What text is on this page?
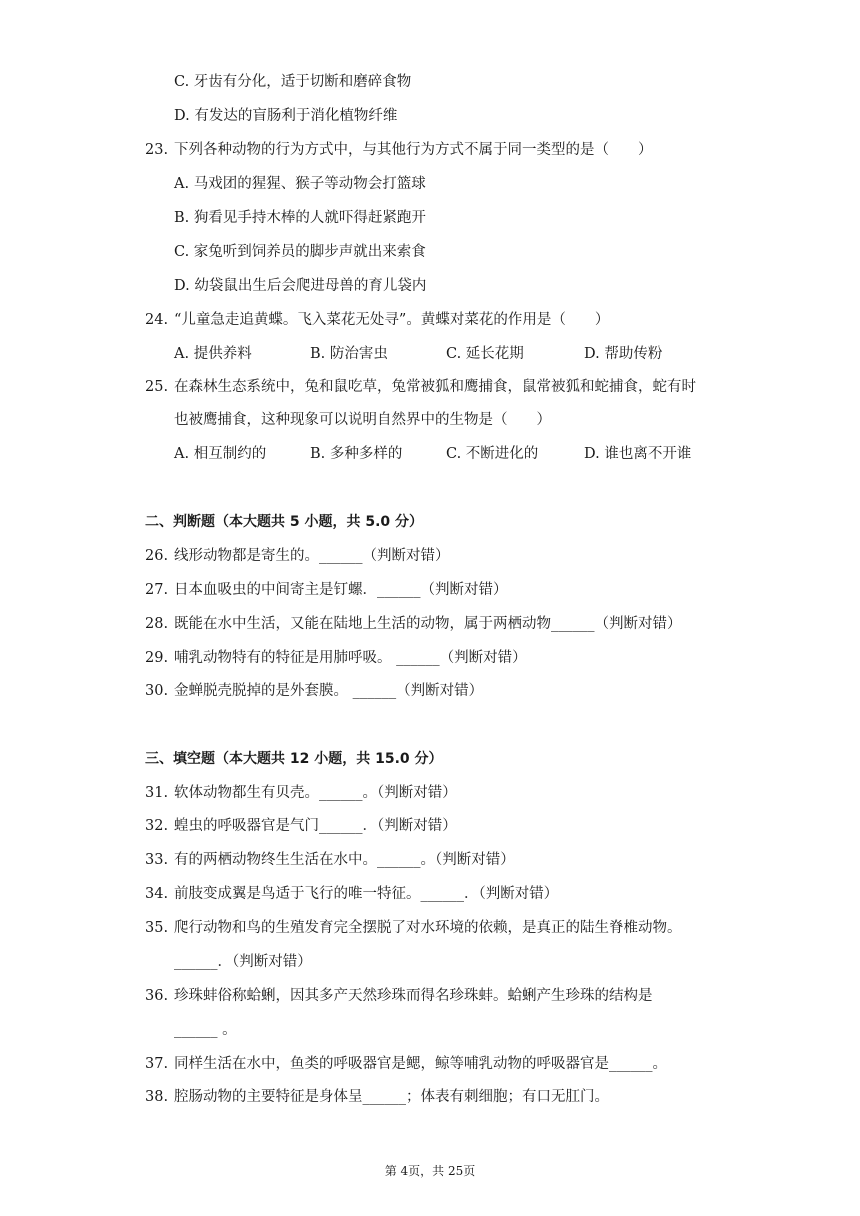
C. 牙齿有分化，适于切断和磨碎食物
D. 有发达的盲肠利于消化植物纤维
23. 下列各种动物的行为方式中，与其他行为方式不属于同一类型的是（　　）
A. 马戏团的猩猩、猴子等动物会打篮球
B. 狗看见手持木棒的人就吓得赶紧跑开
C. 家兔听到饲养员的脚步声就出来索食
D. 幼袋鼠出生后会爬进母兽的育儿袋内
24. “儿童急走追黄蝶。飞入菜花无处寻”。黄蝶对菜花的作用是（　　）
A. 提供养料	B. 防治害虫	C. 延长花期	D. 帮助传粉
25. 在森林生态系统中，兔和鼠吃草，兔常被狐和鹰捕食，鼠常被狐和蛇捕食，蛇有时
也被鹰捕食，这种现象可以说明自然界中的生物是（　　）
A. 相互制约的	B. 多种多样的	C. 不断进化的	D. 谁也离不开谁
二、判断题（本大题共 5 小题，共 5.0 分）
26. 线形动物都是寄生的。______（判断对错）
27. 日本血吸虫的中间寄主是钉螺．______（判断对错）
28. 既能在水中生活，又能在陆地上生活的动物，属于两栖动物______（判断对错）
29. 哺乳动物特有的特征是用肺呼吸。 ______（判断对错）
30. 金蝉脱壳脱掉的是外套膜。 ______（判断对错）
三、填空题（本大题共 12 小题，共 15.0 分）
31. 软体动物都生有贝壳。______。（判断对错）
32. 蝗虫的呼吸器官是气门______．（判断对错）
33. 有的两栖动物终生生活在水中。______。（判断对错）
34. 前肢变成翼是鸟适于飞行的唯一特征。______．（判断对错）
35. 爬行动物和鸟的生殖发育完全摆脱了对水环境的依赖，是真正的陆生脊椎动物。
______．（判断对错）
36. 珍珠蚌俗称蛤蜊，因其多产天然珍珠而得名珍珠蚌。蛤蜊产生珍珠的结构是
______ 。
37. 同样生活在水中，鱼类的呼吸器官是鳃，鲸等哺乳动物的呼吸器官是______。
38. 腔肠动物的主要特征是身体呈______；体表有刺细胞；有口无肛门。
第 4页，共 25页
